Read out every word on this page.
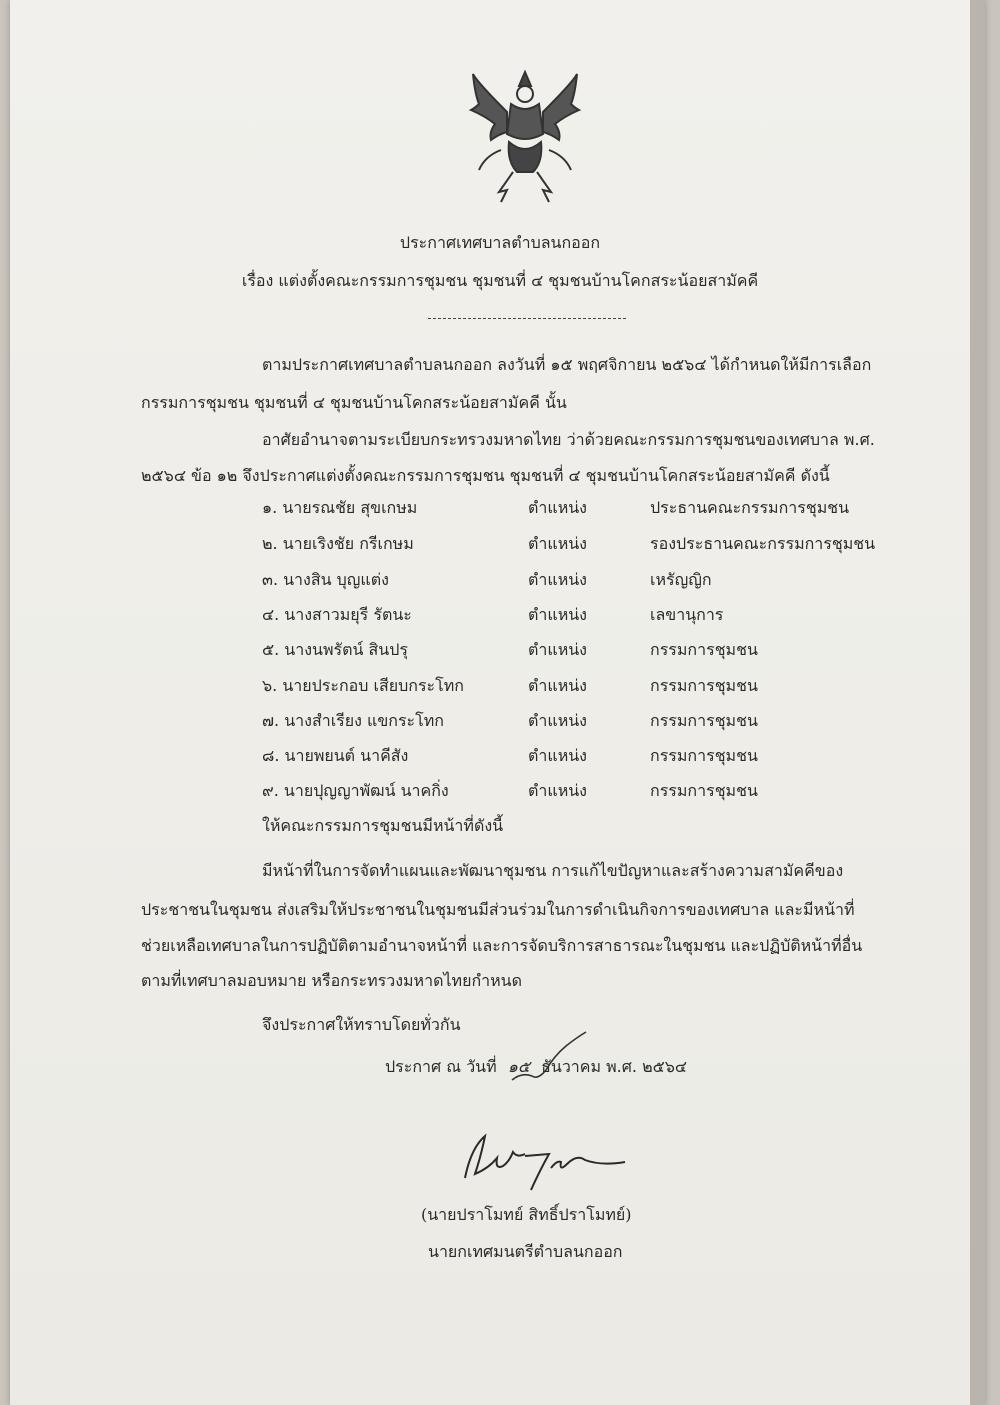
ประกาศเทศบาลตำบลนกออก
เรื่อง แต่งตั้งคณะกรรมการชุมชน ชุมชนที่ ๔ ชุมชนบ้านโคกสระน้อยสามัคคี
ตามประกาศเทศบาลตำบลนกออก ลงวันที่ ๑๕ พฤศจิกายน ๒๕๖๔ ได้กำหนดให้มีการเลือก
กรรมการชุมชน ชุมชนที่ ๔ ชุมชนบ้านโคกสระน้อยสามัคคี นั้น
อาศัยอำนาจตามระเบียบกระทรวงมหาดไทย ว่าด้วยคณะกรรมการชุมชนของเทศบาล พ.ศ.
๒๕๖๔ ข้อ ๑๒ จึงประกาศแต่งตั้งคณะกรรมการชุมชน ชุมชนที่ ๔ ชุมชนบ้านโคกสระน้อยสามัคคี ดังนี้
๑. นายรณชัย สุขเกษม	ตำแหน่ง	ประธานคณะกรรมการชุมชน
๒. นายเริงชัย กรีเกษม	ตำแหน่ง	รองประธานคณะกรรมการชุมชน
๓. นางสิน บุญแต่ง	ตำแหน่ง	เหรัญญิก
๔. นางสาวมยุรี รัตนะ	ตำแหน่ง	เลขานุการ
๕. นางนพรัตน์ สินปรุ	ตำแหน่ง	กรรมการชุมชน
๖. นายประกอบ เสียบกระโทก	ตำแหน่ง	กรรมการชุมชน
๗. นางสำเรียง แขกระโทก	ตำแหน่ง	กรรมการชุมชน
๘. นายพยนต์ นาคีสัง	ตำแหน่ง	กรรมการชุมชน
๙. นายปุญญาพัฒน์ นาคกิ่ง	ตำแหน่ง	กรรมการชุมชน
ให้คณะกรรมการชุมชนมีหน้าที่ดังนี้
มีหน้าที่ในการจัดทำแผนและพัฒนาชุมชน การแก้ไขปัญหาและสร้างความสามัคคีของ
ประชาชนในชุมชน ส่งเสริมให้ประชาชนในชุมชนมีส่วนร่วมในการดำเนินกิจการของเทศบาล และมีหน้าที่
ช่วยเหลือเทศบาลในการปฏิบัติตามอำนาจหน้าที่ และการจัดบริการสาธารณะในชุมชน และปฏิบัติหน้าที่อื่น
ตามที่เทศบาลมอบหมาย หรือกระทรวงมหาดไทยกำหนด
จึงประกาศให้ทราบโดยทั่วกัน
ประกาศ ณ วันที่ ๑๕ ธันวาคม พ.ศ. ๒๕๖๔
(นายปราโมทย์ สิทธิ์ปราโมทย์)
นายกเทศมนตรีตำบลนกออก
